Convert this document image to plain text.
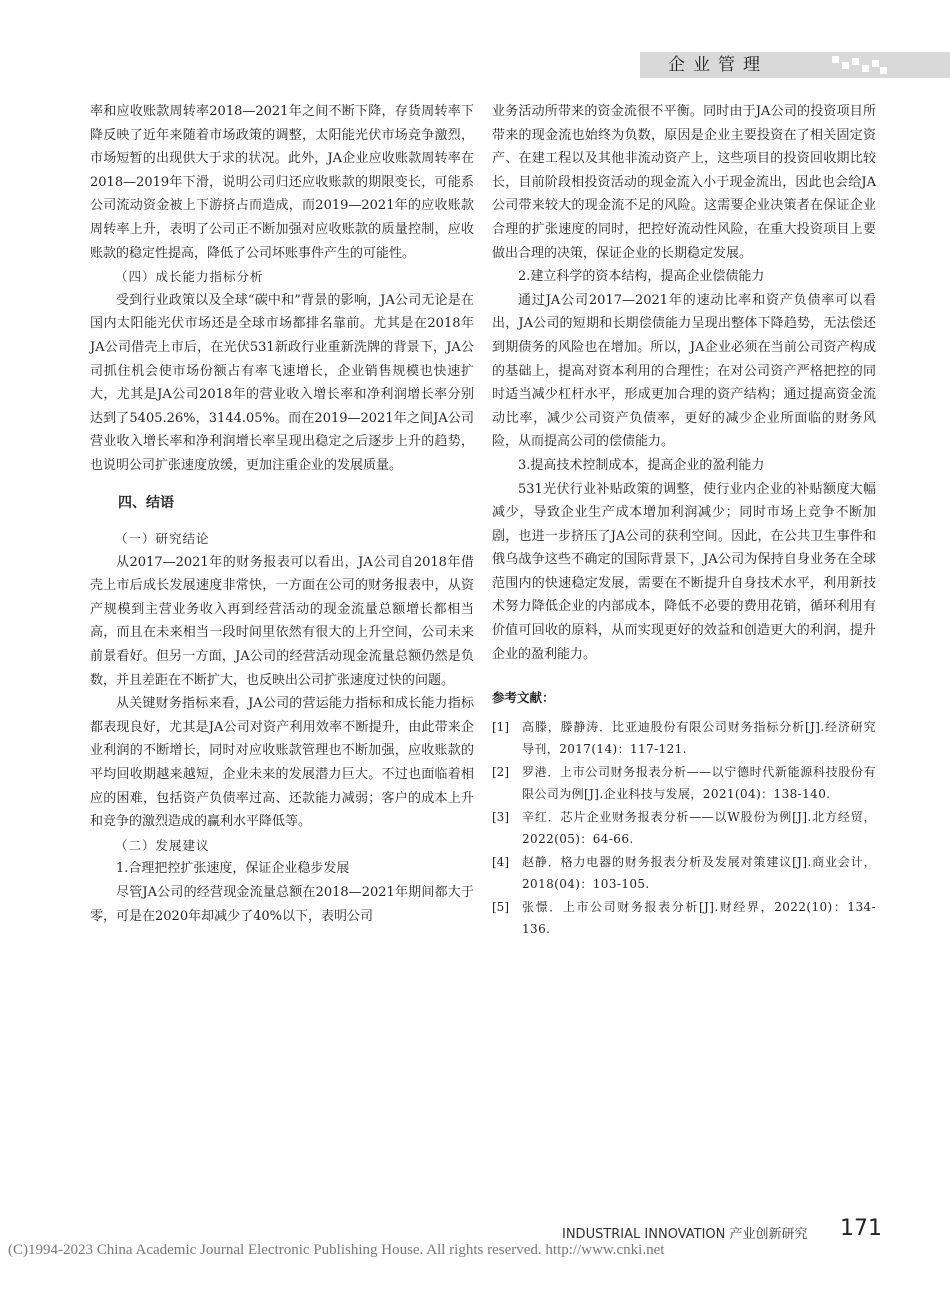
企业管理

率和应收账款周转率2018—2021年之间不断下降，存货周转率下降反映了近年来随着市场政策的调整，太阳能光伏市场竞争激烈，市场短暂的出现供大于求的状况。此外，JA企业应收账款周转率在2018—2019年下滑，说明公司归还应收账款的期限变长，可能系公司流动资金被上下游挤占而造成，而2019—2021年的应收账款周转率上升，表明了公司正不断加强对应收账款的质量控制，应收账款的稳定性提高，降低了公司坏账事件产生的可能性。

（四）成长能力指标分析

受到行业政策以及全球“碳中和”背景的影响，JA公司无论是在国内太阳能光伏市场还是全球市场都排名靠前。尤其是在2018年JA公司借壳上市后，在光伏531新政行业重新洗牌的背景下，JA公司抓住机会使市场份额占有率飞速增长，企业销售规模也快速扩大，尤其是JA公司2018年的营业收入增长率和净利润增长率分别达到了5405.26%，3144.05%。而在2019—2021年之间JA公司营业收入增长率和净利润增长率呈现出稳定之后逐步上升的趋势，也说明公司扩张速度放缓，更加注重企业的发展质量。

四、结语
（一）研究结论

从2017—2021年的财务报表可以看出，JA公司自2018年借壳上市后成长发展速度非常快，一方面在公司的财务报表中，从资产规模到主营业务收入再到经营活动的现金流量总额增长都相当高，而且在未来相当一段时间里依然有很大的上升空间，公司未来前景看好。但另一方面，JA公司的经营活动现金流量总额仍然是负数，并且差距在不断扩大，也反映出公司扩张速度过快的问题。

从关键财务指标来看，JA公司的营运能力指标和成长能力指标都表现良好，尤其是JA公司对资产利用效率不断提升，由此带来企业利润的不断增长，同时对应收账款管理也不断加强，应收账款的平均回收期越来越短，企业未来的发展潜力巨大。不过也面临着相应的困难，包括资产负债率过高、还款能力减弱；客户的成本上升和竞争的激烈造成的赢利水平降低等。

（二）发展建议
1.合理把控扩张速度，保证企业稳步发展

尽管JA公司的经营现金流量总额在2018—2021年期间都大于零，可是在2020年却减少了40%以下，表明公司

业务活动所带来的资金流很不平衡。同时由于JA公司的投资项目所带来的现金流也始终为负数，原因是企业主要投资在了相关固定资产、在建工程以及其他非流动资产上，这些项目的投资回收期比较长，目前阶段相投资活动的现金流入小于现金流出，因此也会给JA公司带来较大的现金流不足的风险。这需要企业决策者在保证企业合理的扩张速度的同时，把控好流动性风险，在重大投资项目上要做出合理的决策，保证企业的长期稳定发展。

2.建立科学的资本结构，提高企业偿债能力

通过JA公司2017—2021年的速动比率和资产负债率可以看出，JA公司的短期和长期偿债能力呈现出整体下降趋势，无法偿还到期债务的风险也在增加。所以，JA企业必须在当前公司资产构成的基础上，提高对资本利用的合理性；在对公司资产严格把控的同时适当减少杠杆水平，形成更加合理的资产结构；通过提高资金流动比率，减少公司资产负债率，更好的减少企业所面临的财务风险，从而提高公司的偿债能力。

3.提高技术控制成本，提高企业的盈利能力

531光伏行业补贴政策的调整，使行业内企业的补贴额度大幅减少，导致企业生产成本增加利润减少；同时市场上竞争不断加剧，也进一步挤压了JA公司的获利空间。因此，在公共卫生事件和俄乌战争这些不确定的国际背景下，JA公司为保持自身业务在全球范围内的快速稳定发展，需要在不断提升自身技术水平，利用新技术努力降低企业的内部成本，降低不必要的费用花销，循环利用有价值可回收的原料，从而实现更好的效益和创造更大的利润，提升企业的盈利能力。

参考文献：
[1]	高滕，滕静涛．比亚迪股份有限公司财务指标分析[J].经济研究导刊，2017(14)：117-121.
[2]	罗港．上市公司财务报表分析——以宁德时代新能源科技股份有限公司为例[J].企业科技与发展，2021(04)：138-140.
[3]	辛红．芯片企业财务报表分析——以W股份为例[J].北方经贸，2022(05)：64-66.
[4]	赵静．格力电器的财务报表分析及发展对策建议[J].商业会计，2018(04)：103-105.
[5]	张憬．上市公司财务报表分析[J].财经界，2022(10)：134-136.
INDUSTRIAL INNOVATION 产业创新研究 171
(C)1994-2023 China Academic Journal Electronic Publishing House. All rights reserved. http://www.cnki.net
